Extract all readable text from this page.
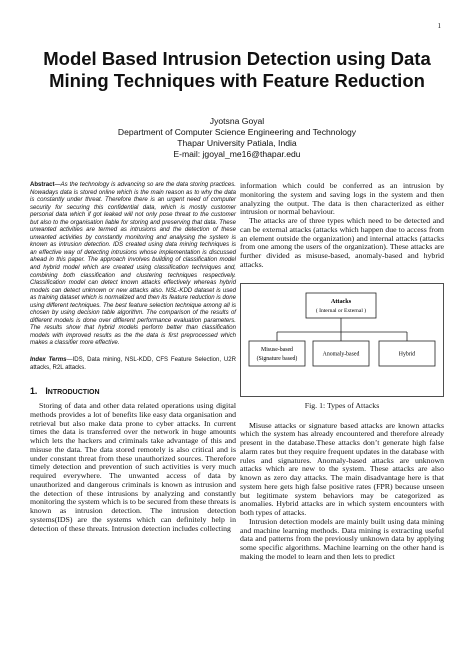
1
Model Based Intrusion Detection using Data Mining Techniques with Feature Reduction
Jyotsna Goyal
Department of Computer Science Engineering and Technology
Thapar University Patiala, India
E-mail: jgoyal_me16@thapar.edu

Abstract—As the technology is advancing so are the data storing practices. Nowadays data is stored online which is the main reason as to why the data is constantly under threat. Therefore there is an urgent need of computer security for securing this confidential data, which is mostly customer personal data which if got leaked will not only pose threat to the customer but also to the organisation liable for storing and preserving that data. These unwanted activities are termed as intrusions and the detection of these unwanted activities by constantly monitoring and analysing the system is known as intrusion detection. IDS created using data mining techniques is an effective way of detecting intrusions whose implementation is discussed ahead in this paper. The approach involves building of classification model and hybrid model which are created using classification techniques and, combining both classification and clustering techniques respectively. Classification model can detect known attacks effectively whereas hybrid models can detect unknown or new attacks also. NSL-KDD dataset is used as training dataset which is normalized and then its feature reduction is done using different techniques. The best feature selection technique among all is chosen by using decision table algorithm. The comparison of the results of different models is done over different performance evaluation parameters. The results show that hybrid models perform better than classification models with improved results as the the data is first preprocessed which makes a classifier more effective.

Index Terms—IDS, Data mining, NSL-KDD, CFS Feature Selection, U2R attacks, R2L attacks.

1. INTRODUCTION

Storing of data and other data related operations using digital methods provides a lot of benefits like easy data organisation and retrieval but also make data prone to cyber attacks. In current times the data is transferred over the network in huge amounts which lets the hackers and criminals take advantage of this and misuse the data. The data stored remotely is also critical and is under constant threat from these unauthorized sources. Therefore timely detection and prevention of such activities is very much required everywhere. The unwanted access of data by unauthorized and dangerous criminals is known as intrusion and the detection of these intrusions by analyzing and constantly monitoring the system which is to be secured from these threats is known as intrusion detection. The intrusion detection systems(IDS) are the systems which can definitely help in detection of these threats. Intrusion detection includes collecting

information which could be conferred as an intrusion by monitoring the system and saving logs in the system and then analyzing the output. The data is then characterized as either intrusion or normal behaviour.

The attacks are of three types which need to be detected and can be external attacks (attacks which happen due to access from an element outside the organization) and internal attacks (attacks from one among the users of the organization). These attacks are further divided as misuse-based, anomaly-based and hybrid attacks.

Attacks
( Internal or External )
Misuse-based
(Signature based)
Anomaly-based	Hybrid
Fig. 1: Types of Attacks

Misuse attacks or signature based attacks are known attacks which the system has already encountered and therefore already present in the database.These attacks don’t generate high false alarm rates but they require frequent updates in the database with rules and signatures. Anomaly-based attacks are unknown attacks which are new to the system. These attacks are also known as zero day attacks. The main disadvantage here is that system here gets high false positive rates (FPR) because unseen but legitimate system behaviors may be categorized as anomalies. Hybrid attacks are in which system encounters with both types of attacks.

Intrusion detection models are mainly built using data mining and machine learning methods. Data mining is extracting useful data and patterns from the previously unknown data by applying some specific algorithms. Machine learning on the other hand is making the model to learn and then lets to predict
